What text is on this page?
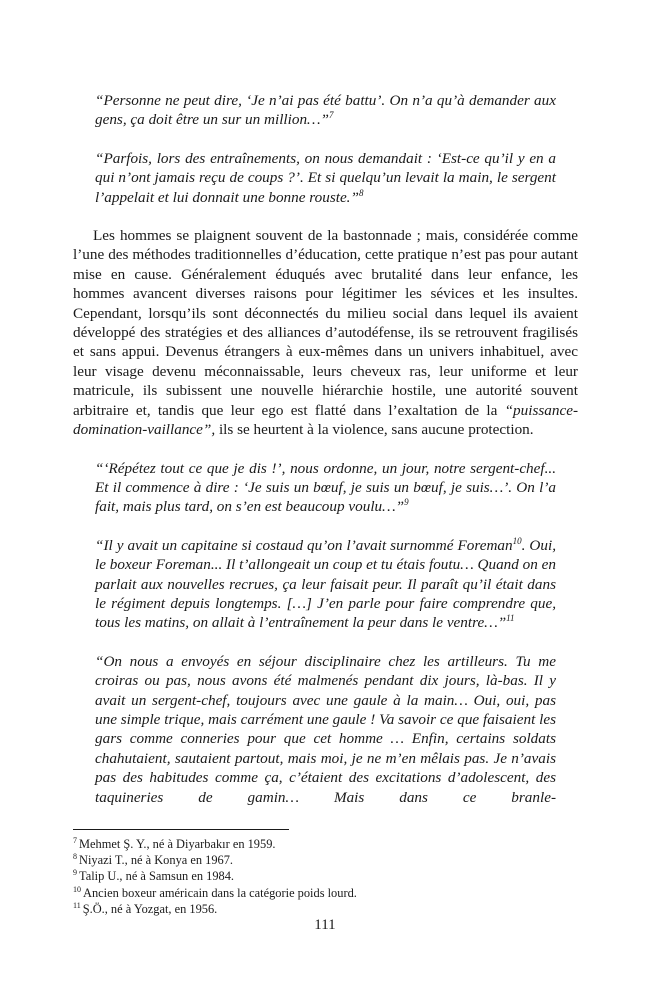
“Personne ne peut dire, ‘Je n’ai pas été battu’. On n’a qu’à demander aux gens, ça doit être un sur un million…”$^7$

“Parfois, lors des entraînements, on nous demandait : ‘Est-ce qu’il y en a qui n’ont jamais reçu de coups ?’. Et si quelqu’un levait la main, le sergent l’appelait et lui donnait une bonne rouste.”$^8$

Les hommes se plaignent souvent de la bastonnade ; mais, considérée comme l’une des méthodes traditionnelles d’éducation, cette pratique n’est pas pour autant mise en cause. Généralement éduqués avec brutalité dans leur enfance, les hommes avancent diverses raisons pour légitimer les sévices et les insultes. Cependant, lorsqu’ils sont déconnectés du milieu social dans lequel ils avaient développé des stratégies et des alliances d’autodéfense, ils se retrouvent fragilisés et sans appui. Devenus étrangers à eux-mêmes dans un univers inhabituel, avec leur visage devenu méconnaissable, leurs cheveux ras, leur uniforme et leur matricule, ils subissent une nouvelle hiérarchie hostile, une autorité souvent arbitraire et, tandis que leur ego est flatté dans l’exaltation de la “puissance-domination-vaillance”, ils se heurtent à la violence, sans aucune protection.

“‘Répétez tout ce que je dis !’, nous ordonne, un jour, notre sergent-chef... Et il commence à dire : ‘Je suis un bœuf, je suis un bœuf, je suis…’. On l’a fait, mais plus tard, on s’en est beaucoup voulu…”$^9$

“Il y avait un capitaine si costaud qu’on l’avait surnommé Foreman$^{10}$. Oui, le boxeur Foreman... Il t’allongeait un coup et tu étais foutu… Quand on en parlait aux nouvelles recrues, ça leur faisait peur. Il paraît qu’il était dans le régiment depuis longtemps. […] J’en parle pour faire comprendre que, tous les matins, on allait à l’entraînement la peur dans le ventre…”$^{11}$

“On nous a envoyés en séjour disciplinaire chez les artilleurs. Tu me croiras ou pas, nous avons été malmenés pendant dix jours, là-bas. Il y avait un sergent-chef, toujours avec une gaule à la main… Oui, oui, pas une simple trique, mais carrément une gaule ! Va savoir ce que faisaient les gars comme conneries pour que cet homme … Enfin, certains soldats chahutaient, sautaient partout, mais moi, je ne m’en mêlais pas. Je n’avais pas des habitudes comme ça, c’étaient des excitations d’adolescent, des taquineries de gamin… Mais dans ce branle-

$^7$ Mehmet Ş. Y., né à Diyarbakır en 1959.
$^8$ Niyazi T., né à Konya en 1967.
$^9$ Talip U., né à Samsun en 1984.
$^{10}$ Ancien boxeur américain dans la catégorie poids lourd.
$^{11}$ Ş.Ö., né à Yozgat, en 1956.
111
